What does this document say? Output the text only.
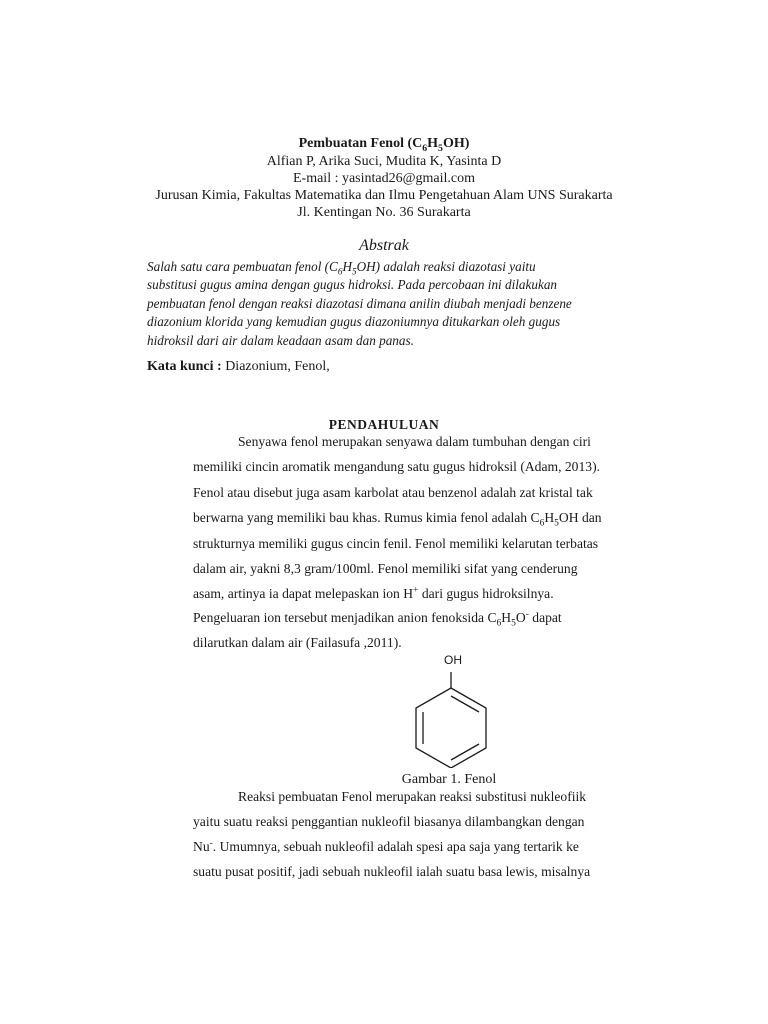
Pembuatan Fenol $(C_6H_5OH)$
Alfian P, Arika Suci, Mudita K, Yasinta D
E-mail : yasintad26@gmail.com
Jurusan Kimia, Fakultas Matematika dan Ilmu Pengetahuan Alam UNS Surakarta
Jl. Kentingan No. 36 Surakarta
Abstrak
Salah satu cara pembuatan fenol $(C_6H_5OH)$ adalah reaksi diazotasi yaitu
substitusi gugus amina dengan gugus hidroksi. Pada percobaan ini dilakukan
pembuatan fenol dengan reaksi diazotasi dimana anilin diubah menjadi benzene
diazonium klorida yang kemudian gugus diazoniumnya ditukarkan oleh gugus
hidroksil dari air dalam keadaan asam dan panas.
Kata kunci : Diazonium, Fenol,
PENDAHULUAN
Senyawa fenol merupakan senyawa dalam tumbuhan dengan ciri
memiliki cincin aromatik mengandung satu gugus hidroksil (Adam, 2013).
Fenol atau disebut juga asam karbolat atau benzenol adalah zat kristal tak
berwarna yang memiliki bau khas. Rumus kimia fenol adalah $C_6H_5OH$ dan
strukturnya memiliki gugus cincin fenil. Fenol memiliki kelarutan terbatas
dalam air, yakni 8,3 gram/100ml. Fenol memiliki sifat yang cenderung
asam, artinya ia dapat melepaskan ion H+ dari gugus hidroksilnya.
Pengeluaran ion tersebut menjadikan anion fenoksida $C_6H_5O^-$ dapat
dilarutkan dalam air (Failasufa ,2011).
OH
Gambar 1. Fenol
Reaksi pembuatan Fenol merupakan reaksi substitusi nukleofiik
yaitu suatu reaksi penggantian nukleofil biasanya dilambangkan dengan
Nu-. Umumnya, sebuah nukleofil adalah spesi apa saja yang tertarik ke
suatu pusat positif, jadi sebuah nukleofil ialah suatu basa lewis, misalnya
